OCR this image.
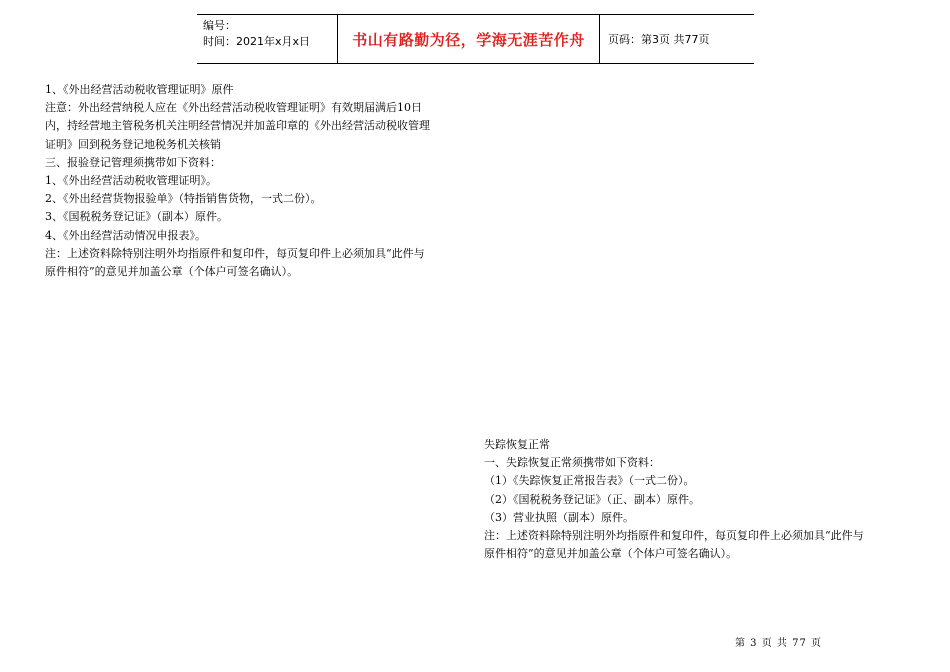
编号：
时间：2021年x月x日	书山有路勤为径，学海无涯苦作舟 页码：第3页 共77页

1、《外出经营活动税收管理证明》原件

注意：外出经营纳税人应在《外出经营活动税收管理证明》有效期届满后10日

内，持经营地主管税务机关注明经营情况并加盖印章的《外出经营活动税收管理

证明》回到税务登记地税务机关核销

三、报验登记管理须携带如下资料：

1、《外出经营活动税收管理证明》。

2、《外出经营货物报验单》（特指销售货物，一式二份）。

3、《国税税务登记证》（副本）原件。

4、《外出经营活动情况申报表》。

注：上述资料除特别注明外均指原件和复印件，每页复印件上必须加具“此件与

原件相符”的意见并加盖公章（个体户可签名确认）。

失踪恢复正常

一、失踪恢复正常须携带如下资料：

（1）《失踪恢复正常报告表》（一式二份）。

（2）《国税税务登记证》（正、副本）原件。

（3）营业执照（副本）原件。

注：上述资料除特别注明外均指原件和复印件，每页复印件上必须加具“此件与

原件相符”的意见并加盖公章（个体户可签名确认）。

第 3 页 共 77 页
